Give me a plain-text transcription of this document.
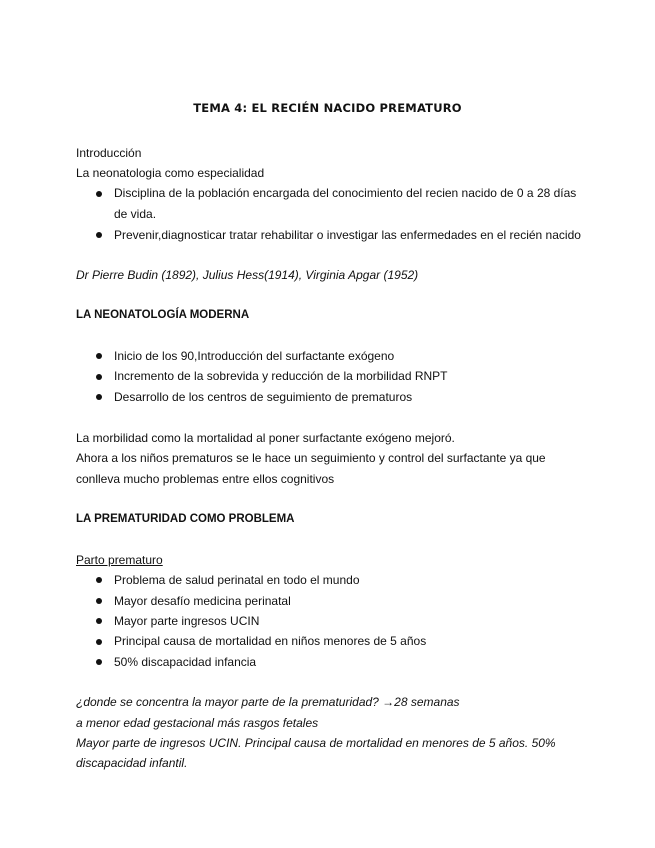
TEMA 4: EL RECIÉN NACIDO PREMATURO
Introducción
La neonatologia como especialidad
Disciplina de la población encargada del conocimiento del recien nacido de 0 a 28 días
de vida.
Prevenir,diagnosticar tratar rehabilitar o investigar las enfermedades en el recién nacido
Dr Pierre Budin (1892), Julius Hess(1914), Virginia Apgar (1952)
LA NEONATOLOGÍA MODERNA
Inicio de los 90,Introducción del surfactante exógeno
Incremento de la sobrevida y reducción de la morbilidad RNPT
Desarrollo de los centros de seguimiento de prematuros
La morbilidad como la mortalidad al poner surfactante exógeno mejoró.
Ahora a los niños prematuros se le hace un seguimiento y control del surfactante ya que
conlleva mucho problemas entre ellos cognitivos
LA PREMATURIDAD COMO PROBLEMA
Parto prematuro
Problema de salud perinatal en todo el mundo
Mayor desafío medicina perinatal
Mayor parte ingresos UCIN
Principal causa de mortalidad en niños menores de 5 años
50% discapacidad infancia
¿donde se concentra la mayor parte de la prematuridad? →28 semanas
a menor edad gestacional más rasgos fetales
Mayor parte de ingresos UCIN. Principal causa de mortalidad en menores de 5 años. 50%
discapacidad infantil.
